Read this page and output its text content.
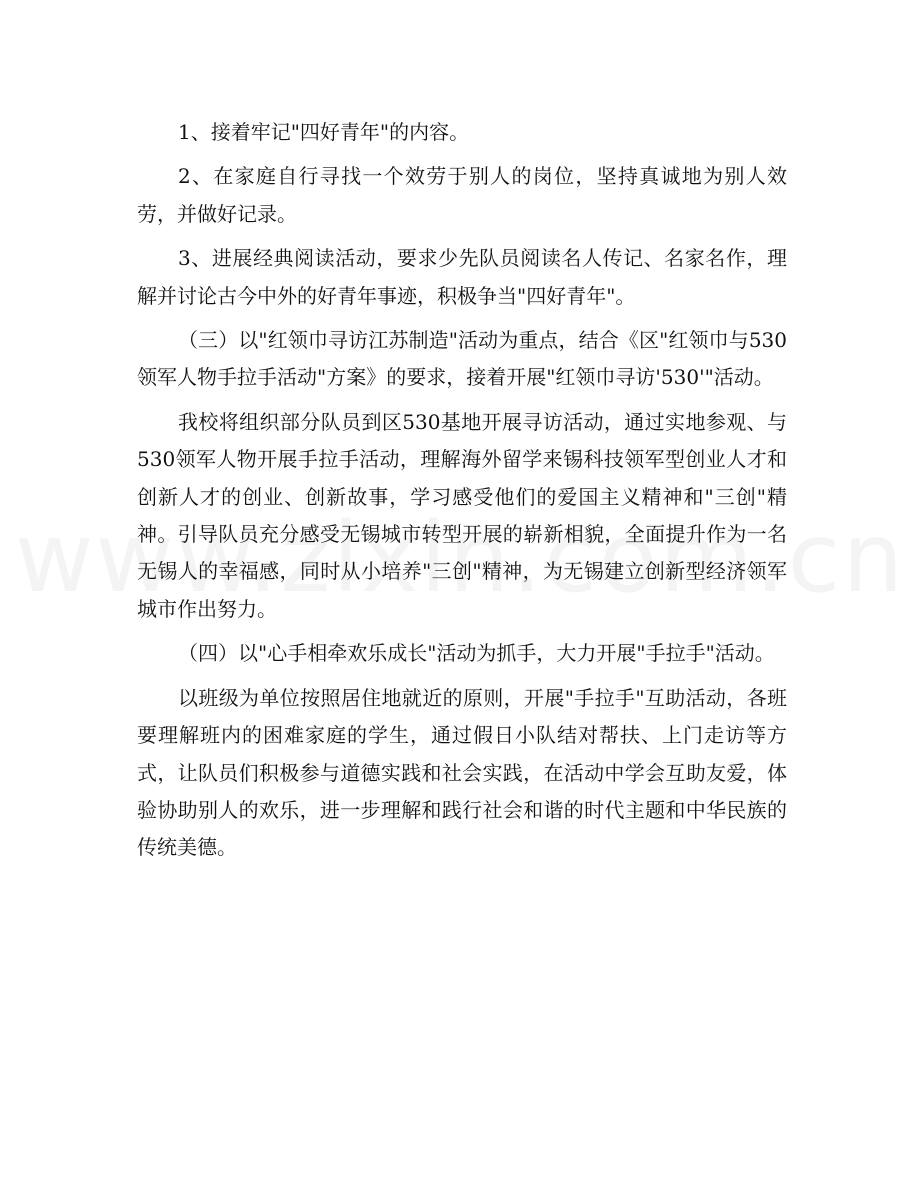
1、接着牢记"四好青年"的内容。

2、在家庭自行寻找一个效劳于别人的岗位，坚持真诚地为别人效劳，并做好记录。

3、进展经典阅读活动，要求少先队员阅读名人传记、名家名作，理解并讨论古今中外的好青年事迹，积极争当"四好青年"。

（三）以"红领巾寻访江苏制造"活动为重点，结合《区"红领巾与530领军人物手拉手活动"方案》的要求，接着开展"红领巾寻访'530'"活动。

我校将组织部分队员到区530基地开展寻访活动，通过实地参观、与530领军人物开展手拉手活动，理解海外留学来锡科技领军型创业人才和创新人才的创业、创新故事，学习感受他们的爱国主义精神和"三创"精神。引导队员充分感受无锡城市转型开展的崭新相貌，全面提升作为一名无锡人的幸福感，同时从小培养"三创"精神，为无锡建立创新型经济领军城市作出努力。

（四）以"心手相牵欢乐成长"活动为抓手，大力开展"手拉手"活动。

以班级为单位按照居住地就近的原则，开展"手拉手"互助活动，各班要理解班内的困难家庭的学生，通过假日小队结对帮扶、上门走访等方式，让队员们积极参与道德实践和社会实践，在活动中学会互助友爱，体验协助别人的欢乐，进一步理解和践行社会和谐的时代主题和中华民族的传统美德。
